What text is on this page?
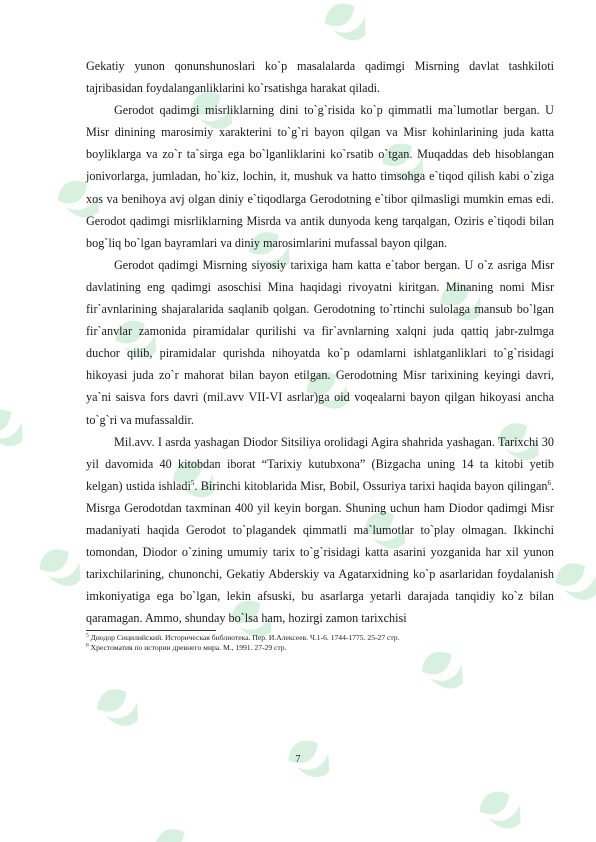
Gekatiy yunon qonunshunoslari ko`p masalalarda qadimgi Misrning davlat tashkiloti tajribasidan foydalanganliklarini ko`rsatishga harakat qiladi.

Gerodot qadimgi misrliklarning dini to`g`risida ko`p qimmatli ma`lumotlar bergan. U Misr dinining marosimiy xarakterini to`g`ri bayon qilgan va Misr kohinlarining juda katta boyliklarga va zo`r ta`sirga ega bo`lganliklarini ko`rsatib o`tgan. Muqaddas deb hisoblangan jonivorlarga, jumladan, ho`kiz, lochin, it, mushuk va hatto timsohga e`tiqod qilish kabi o`ziga xos va benihoya avj olgan diniy e`tiqodlarga Gerodotning e`tibor qilmasligi mumkin emas edi. Gerodot qadimgi misrliklarning Misrda va antik dunyoda keng tarqalgan, Oziris e`tiqodi bilan bog`liq bo`lgan bayramlari va diniy marosimlarini mufassal bayon qilgan.

Gerodot qadimgi Misrning siyosiy tarixiga ham katta e`tabor bergan. U o`z asriga Misr davlatining eng qadimgi asoschisi Mina haqidagi rivoyatni kiritgan. Minaning nomi Misr fir`avnlarining shajaralarida saqlanib qolgan. Gerodotning to`rtinchi sulolaga mansub bo`lgan fir`anvlar zamonida piramidalar qurilishi va fir`avnlarning xalqni juda qattiq jabr-zulmga duchor qilib, piramidalar qurishda nihoyatda ko`p odamlarni ishlatganliklari to`g`risidagi hikoyasi juda zo`r mahorat bilan bayon etilgan. Gerodotning Misr tarixining keyingi davri, ya`ni saisva fors davri (mil.avv VII-VI asrlar)ga oid voqealarni bayon qilgan hikoyasi ancha to`g`ri va mufassaldir.

Mil.avv. I asrda yashagan Diodor Sitsiliya orolidagi Agira shahrida yashagan. Tarixchi 30 yil davomida 40 kitobdan iborat “Tarixiy kutubxona” (Bizgacha uning 14 ta kitobi yetib kelgan) ustida ishladi$^5$. Birinchi kitoblarida Misr, Bobil, Ossuriya tarixi haqida bayon qilingan$^6$. Misrga Gerodotdan taxminan 400 yil keyin borgan. Shuning uchun ham Diodor qadimgi Misr madaniyati haqida Gerodot to`plagandek qimmatli ma`lumotlar to`play olmagan. Ikkinchi tomondan, Diodor o`zining umumiy tarix to`g`risidagi katta asarini yozganida har xil yunon tarixchilarining, chunonchi, Gekatiy Abderskiy va Agatarxidning ko`p asarlaridan foydalanish imkoniyatiga ega bo`lgan, lekin afsuski, bu asarlarga yetarli darajada tanqidiy ko`z bilan qaramagan. Ammo, shunday bo`lsa ham, hozirgi zamon tarixchisi

$^5$ Диодор Сицилийский. Историческая библиотека. Пер. И.Алексеев. Ч.1-6. 1744-1775. 25-27 стр.

$^6$ Хрестоматия по истории древнего мира. М., 1991. 27-29 стр.

7
